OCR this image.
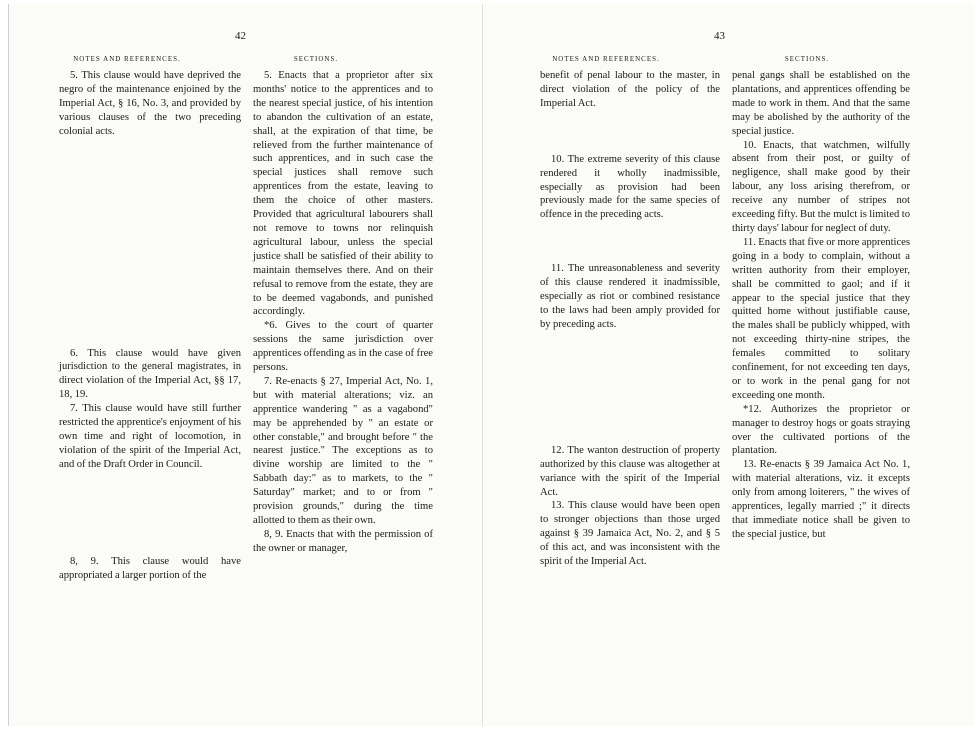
42
NOTES AND REFERENCES.	SECTIONS.

5. This clause would have deprived the negro of the maintenance enjoined by the Imperial Act, § 16, No. 3, and provided by various clauses of the two preceding colonial acts.

6. This clause would have given jurisdiction to the general magistrates, in direct violation of the Imperial Act, §§ 17, 18, 19.

7. This clause would have still further restricted the apprentice's enjoyment of his own time and right of locomotion, in violation of the spirit of the Imperial Act, and of the Draft Order in Council.

8, 9. This clause would have appropriated a larger portion of the

5. Enacts that a proprietor after six months' notice to the apprentices and to the nearest special justice, of his intention to abandon the cultivation of an estate, shall, at the expiration of that time, be relieved from the further maintenance of such apprentices, and in such case the special justices shall remove such apprentices from the estate, leaving to them the choice of other masters. Provided that agricultural labourers shall not remove to towns nor relinquish agricultural labour, unless the special justice shall be satisfied of their ability to maintain themselves there. And on their refusal to remove from the estate, they are to be deemed vagabonds, and punished accordingly.

*6. Gives to the court of quarter sessions the same jurisdiction over apprentices offending as in the case of free persons.

7. Re-enacts § 27, Imperial Act, No. 1, but with material alterations; viz. an apprentice wandering " as a vagabond" may be apprehended by " an estate or other constable," and brought before " the nearest justice." The exceptions as to divine worship are limited to the " Sabbath day:" as to markets, to the " Saturday" market; and to or from " provision grounds," during the time allotted to them as their own.

8, 9. Enacts that with the permission of the owner or manager,

43
NOTES AND REFERENCES.	SECTIONS.

benefit of penal labour to the master, in direct violation of the policy of the Imperial Act.

10. The extreme severity of this clause rendered it wholly inadmissible, especially as provision had been previously made for the same species of offence in the preceding acts.

11. The unreasonableness and severity of this clause rendered it inadmissible, especially as riot or combined resistance to the laws had been amply provided for by preceding acts.

12. The wanton destruction of property authorized by this clause was altogether at variance with the spirit of the Imperial Act.

13. This clause would have been open to stronger objections than those urged against § 39 Jamaica Act, No. 2, and § 5 of this act, and was inconsistent with the spirit of the Imperial Act.

penal gangs shall be established on the plantations, and apprentices offending be made to work in them. And that the same may be abolished by the authority of the special justice.

10. Enacts, that watchmen, wilfully absent from their post, or guilty of negligence, shall make good by their labour, any loss arising therefrom, or receive any number of stripes not exceeding fifty. But the mulct is limited to thirty days' labour for neglect of duty.

11. Enacts that five or more apprentices going in a body to complain, without a written authority from their employer, shall be committed to gaol; and if it appear to the special justice that they quitted home without justifiable cause, the males shall be publicly whipped, with not exceeding thirty-nine stripes, the females committed to solitary confinement, for not exceeding ten days, or to work in the penal gang for not exceeding one month.

*12. Authorizes the proprietor or manager to destroy hogs or goats straying over the cultivated portions of the plantation.

13. Re-enacts § 39 Jamaica Act No. 1, with material alterations, viz. it excepts only from among loiterers, " the wives of apprentices, legally married ;" it directs that immediate notice shall be given to the special justice, but
